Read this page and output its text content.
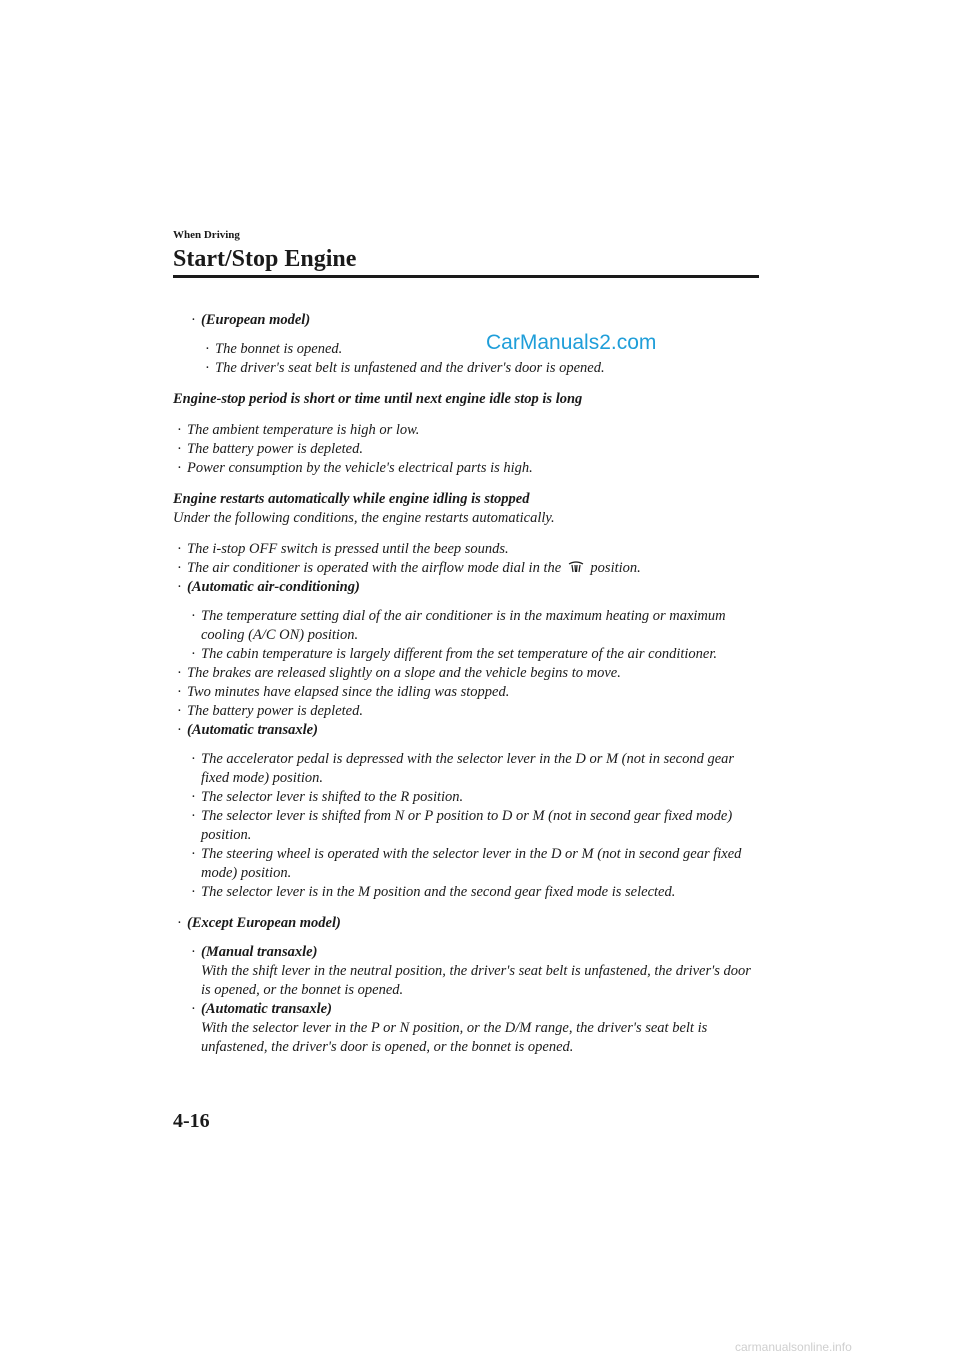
When Driving

Start/Stop Engine
CarManuals2.com
· (European model)
· The bonnet is opened.
· The driver's seat belt is unfastened and the driver's door is opened.
Engine-stop period is short or time until next engine idle stop is long
· The ambient temperature is high or low.
· The battery power is depleted.
· Power consumption by the vehicle's electrical parts is high.
Engine restarts automatically while engine idling is stopped
Under the following conditions, the engine restarts automatically.
· The i-stop OFF switch is pressed until the beep sounds.
· The air conditioner is operated with the airflow mode dial in the position.
· (Automatic air-conditioning)
· The temperature setting dial of the air conditioner is in the maximum heating or maximum cooling (A/C ON) position.
· The cabin temperature is largely different from the set temperature of the air conditioner.
· The brakes are released slightly on a slope and the vehicle begins to move.
· Two minutes have elapsed since the idling was stopped.
· The battery power is depleted.
· (Automatic transaxle)
· The accelerator pedal is depressed with the selector lever in the D or M (not in second gear fixed mode) position.
· The selector lever is shifted to the R position.
· The selector lever is shifted from N or P position to D or M (not in second gear fixed mode) position.
· The steering wheel is operated with the selector lever in the D or M (not in second gear fixed mode) position.
· The selector lever is in the M position and the second gear fixed mode is selected.
· (Except European model)
· (Manual transaxle)
With the shift lever in the neutral position, the driver's seat belt is unfastened, the driver's door is opened, or the bonnet is opened.
· (Automatic transaxle)
With the selector lever in the P or N position, or the D/M range, the driver's seat belt is unfastened, the driver's door is opened, or the bonnet is opened.
4-16
carmanualsonline.info
